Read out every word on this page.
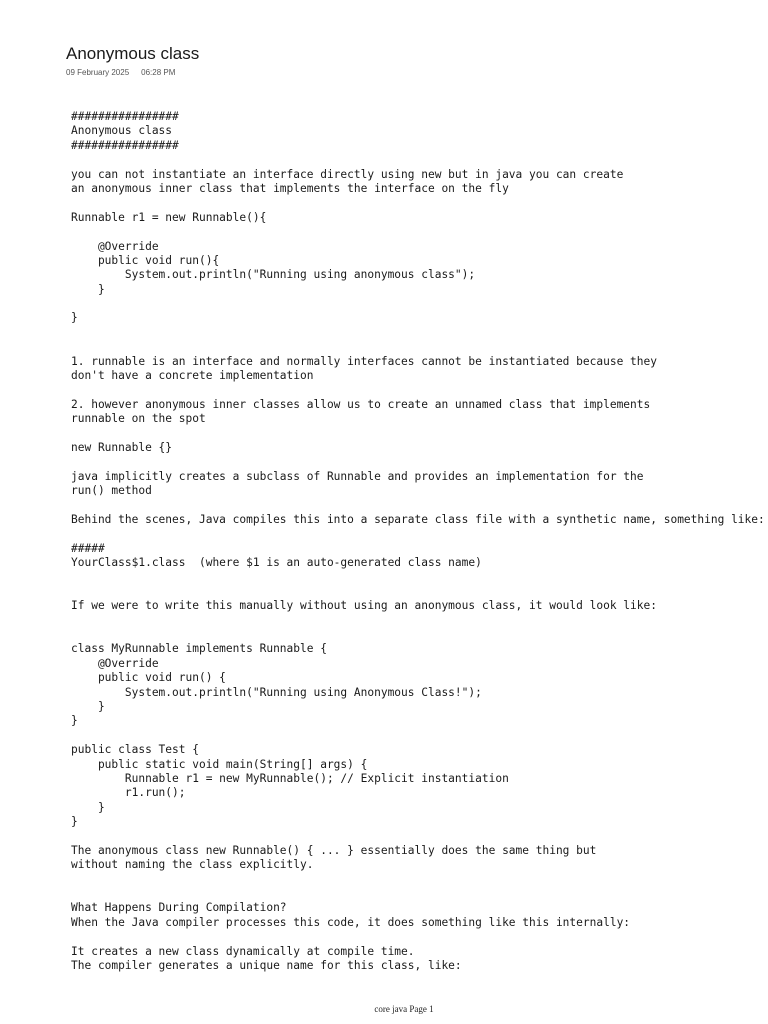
Anonymous class
09 February 2025 06:28 PM
################
Anonymous class
################
you can not instantiate an interface directly using new but in java you can create
an anonymous inner class that implements the interface on the fly
Runnable r1 = new Runnable(){
@Override
public void run(){
System.out.println("Running using anonymous class");
}
}
1. runnable is an interface and normally interfaces cannot be instantiated because they
don't have a concrete implementation
2. however anonymous inner classes allow us to create an unnamed class that implements
runnable on the spot
new Runnable {}
java implicitly creates a subclass of Runnable and provides an implementation for the
run() method
Behind the scenes, Java compiles this into a separate class file with a synthetic name, something like:
#####
YourClass$1.class  (where $1 is an auto-generated class name)
If we were to write this manually without using an anonymous class, it would look like:
class MyRunnable implements Runnable {
@Override
public void run() {
System.out.println("Running using Anonymous Class!");
}
}
public class Test {
public static void main(String[] args) {
Runnable r1 = new MyRunnable(); // Explicit instantiation
r1.run();
}
}
The anonymous class new Runnable() { ... } essentially does the same thing but
without naming the class explicitly.
What Happens During Compilation?
When the Java compiler processes this code, it does something like this internally:
It creates a new class dynamically at compile time.
The compiler generates a unique name for this class, like:
core java Page 1
